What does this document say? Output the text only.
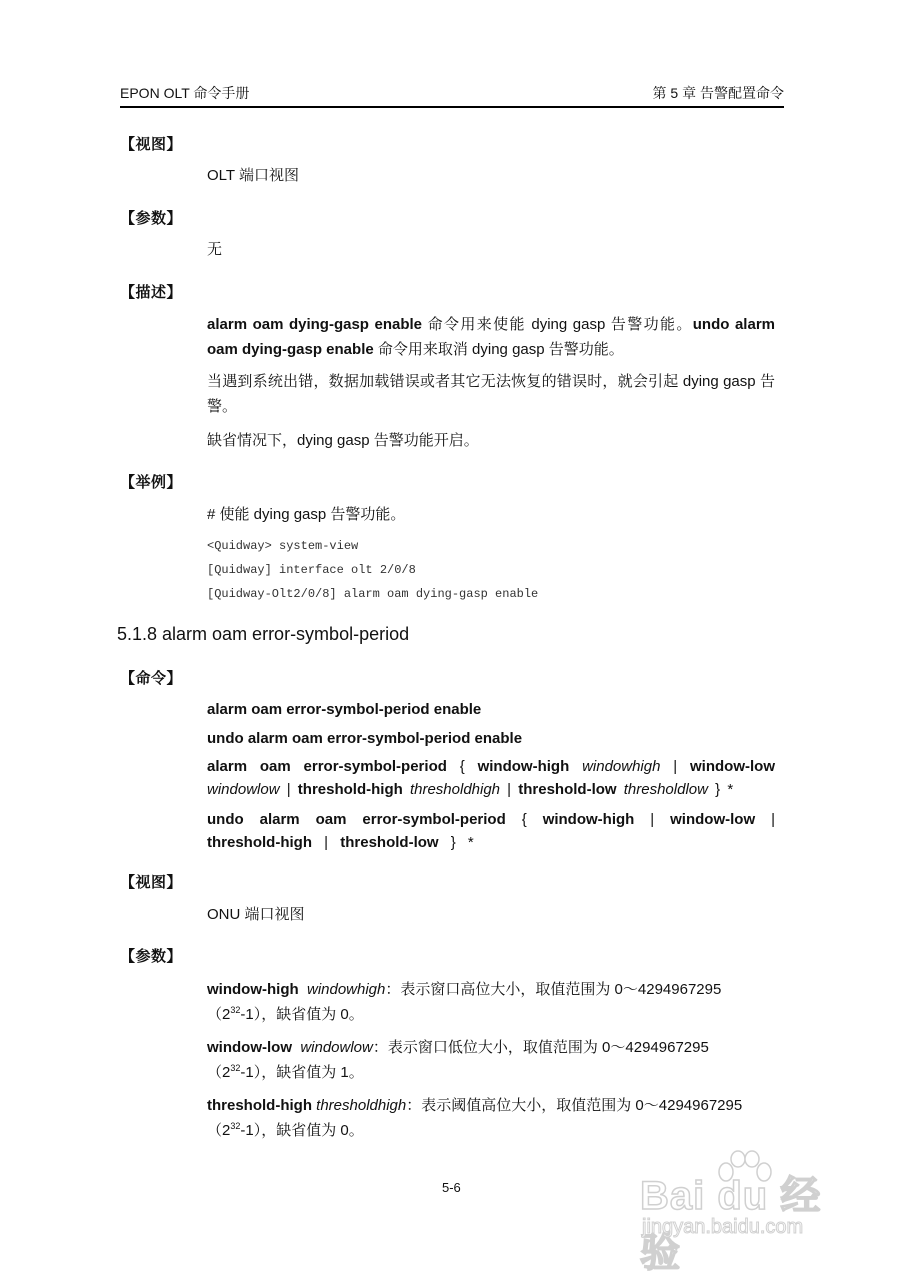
EPON OLT 命令手册	第 5 章 告警配置命令
【视图】
OLT 端口视图
【参数】
无
【描述】
alarm oam dying-gasp enable 命令用来使能 dying gasp 告警功能。undo alarm oam dying-gasp enable 命令用来取消 dying gasp 告警功能。
当遇到系统出错，数据加载错误或者其它无法恢复的错误时，就会引起 dying gasp 告警。
缺省情况下，dying gasp 告警功能开启。
【举例】
# 使能 dying gasp 告警功能。
<Quidway> system-view
[Quidway] interface olt 2/0/8
[Quidway-Olt2/0/8] alarm oam dying-gasp enable
5.1.8 alarm oam error-symbol-period
【命令】
alarm oam error-symbol-period enable
undo alarm oam error-symbol-period enable
alarm oam error-symbol-period { window-high windowhigh | window-low windowlow | threshold-high thresholdhigh | threshold-low thresholdlow } *
undo alarm oam error-symbol-period { window-high | window-low | threshold-high | threshold-low } *
【视图】
ONU 端口视图
【参数】
window-high windowhigh：表示窗口高位大小，取值范围为 0～4294967295
$(2^{32}-1)$，缺省值为 0。
window-low windowlow：表示窗口低位大小，取值范围为 0～4294967295
$(2^{32}-1)$，缺省值为 1。
threshold-high thresholdhigh：表示阈值高位大小，取值范围为 0～4294967295
$(2^{32}-1)$，缺省值为 0。
5-6	Bai du 经验
jingyan.baidu.com
